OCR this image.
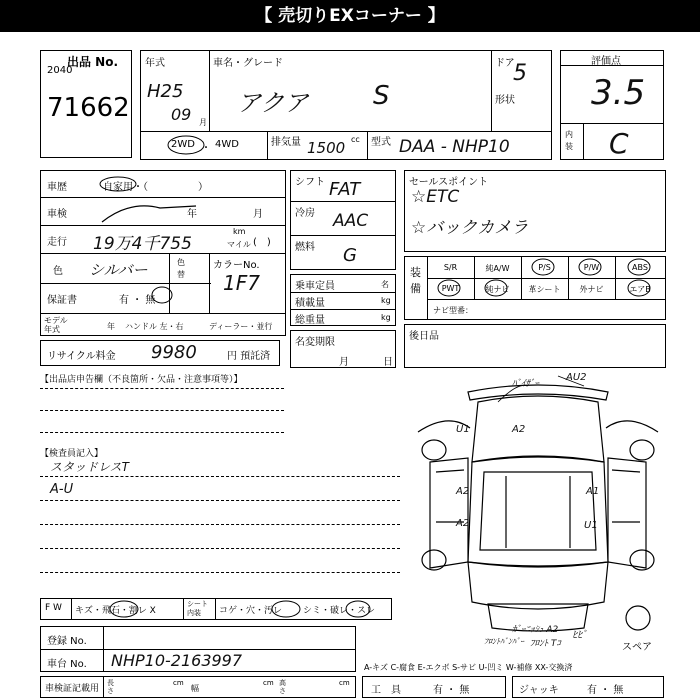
【 売切りEXコーナー 】
出品 No.
2040
71662
年式
H25
09 月
車名・グレード
アクア S
ドア
5
形状
2WD ・ 4WD	排気量 1500 cc 型式 DAA - NHP10
評価点
3.5
内装 C
車歴	自家用・（　　　　　）
車検	年	月
走行 19万4千755
km
マイル (　)
色 シルバー	色替
カラーNo.
1F7
保証書	有 ・ 無
モデル年式	年 ハンドル 左・右	ディーラー・並行
リサイクル料金 9980	円 預託済
シフト FAT
冷房 AAC
燃料 G
乗車定員	名
積載量	kg
総重量	kg
名変期限
月	日
セールスポイント
☆ETC
☆バックカメラ
装備
S/R	純A/W	P/S	P/W	ABS
PWT	純ナビ	革シート	外ナビ	エアB
ナビ型番：
後日品
【出品店申告欄（不良箇所・欠品・注意事項等）】
【検査員記入】
スタッドレスT
A-U
ﾊﾞｲｻﾞｰ
AU2
U1	A2
A2	A1
A2	U1
ｶﾞｰﾆｯｼｭ A2
ﾌﾛﾝﾄ Tｺ
ﾋﾋﾞ
ﾌﾛﾝﾄﾊﾞﾝﾊﾟｰ
スペア
F W キズ・飛石・割レ X
シート内装	コゲ・穴・汚レ シミ・破レ・スレ
登録 No.
車台 No. NHP10-2163997
車検証記載用
長さ
cm
幅
cm 高さ
cm
A-キズ C-腐食 E-エクボ S-サビ U-凹ミ W-補修 XX-交換済
工　具	有 ・ 無	ジャッキ	有 ・ 無
